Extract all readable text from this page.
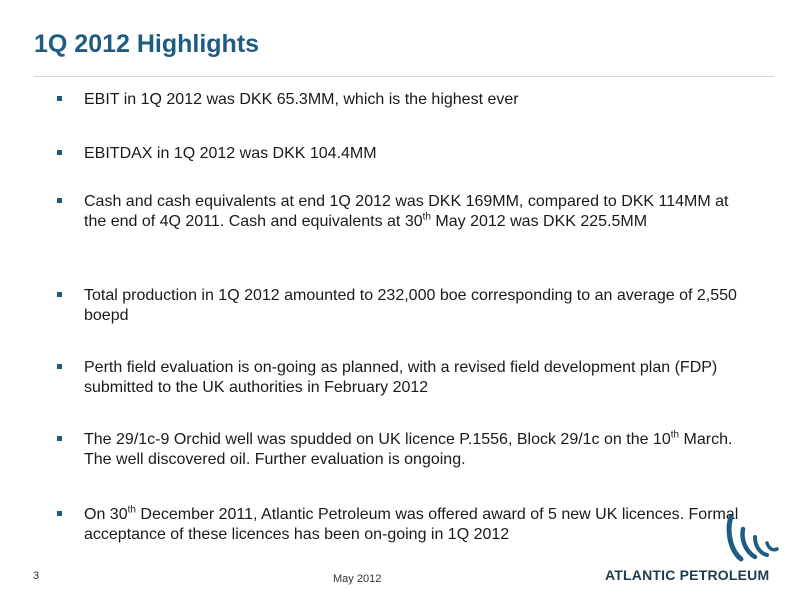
1Q 2012 Highlights
EBIT in 1Q 2012 was DKK 65.3MM, which is the highest ever
EBITDAX in 1Q 2012 was DKK 104.4MM
Cash and cash equivalents at end 1Q 2012 was DKK 169MM, compared to DKK 114MM at the end of 4Q 2011. Cash and equivalents at 30th May 2012 was DKK 225.5MM
Total production in 1Q 2012 amounted to 232,000 boe corresponding to an average of 2,550 boepd
Perth field evaluation is on-going as planned, with a revised field development plan (FDP) submitted to the UK authorities in February 2012
The 29/1c-9 Orchid well was spudded on UK licence P.1556, Block 29/1c on the 10th March. The well discovered oil. Further evaluation is ongoing.
On 30th December 2011, Atlantic Petroleum was offered award of 5 new UK licences. Formal acceptance of these licences has been on-going in 1Q 2012
3	May 2012	ATLANTIC PETROLEUM
